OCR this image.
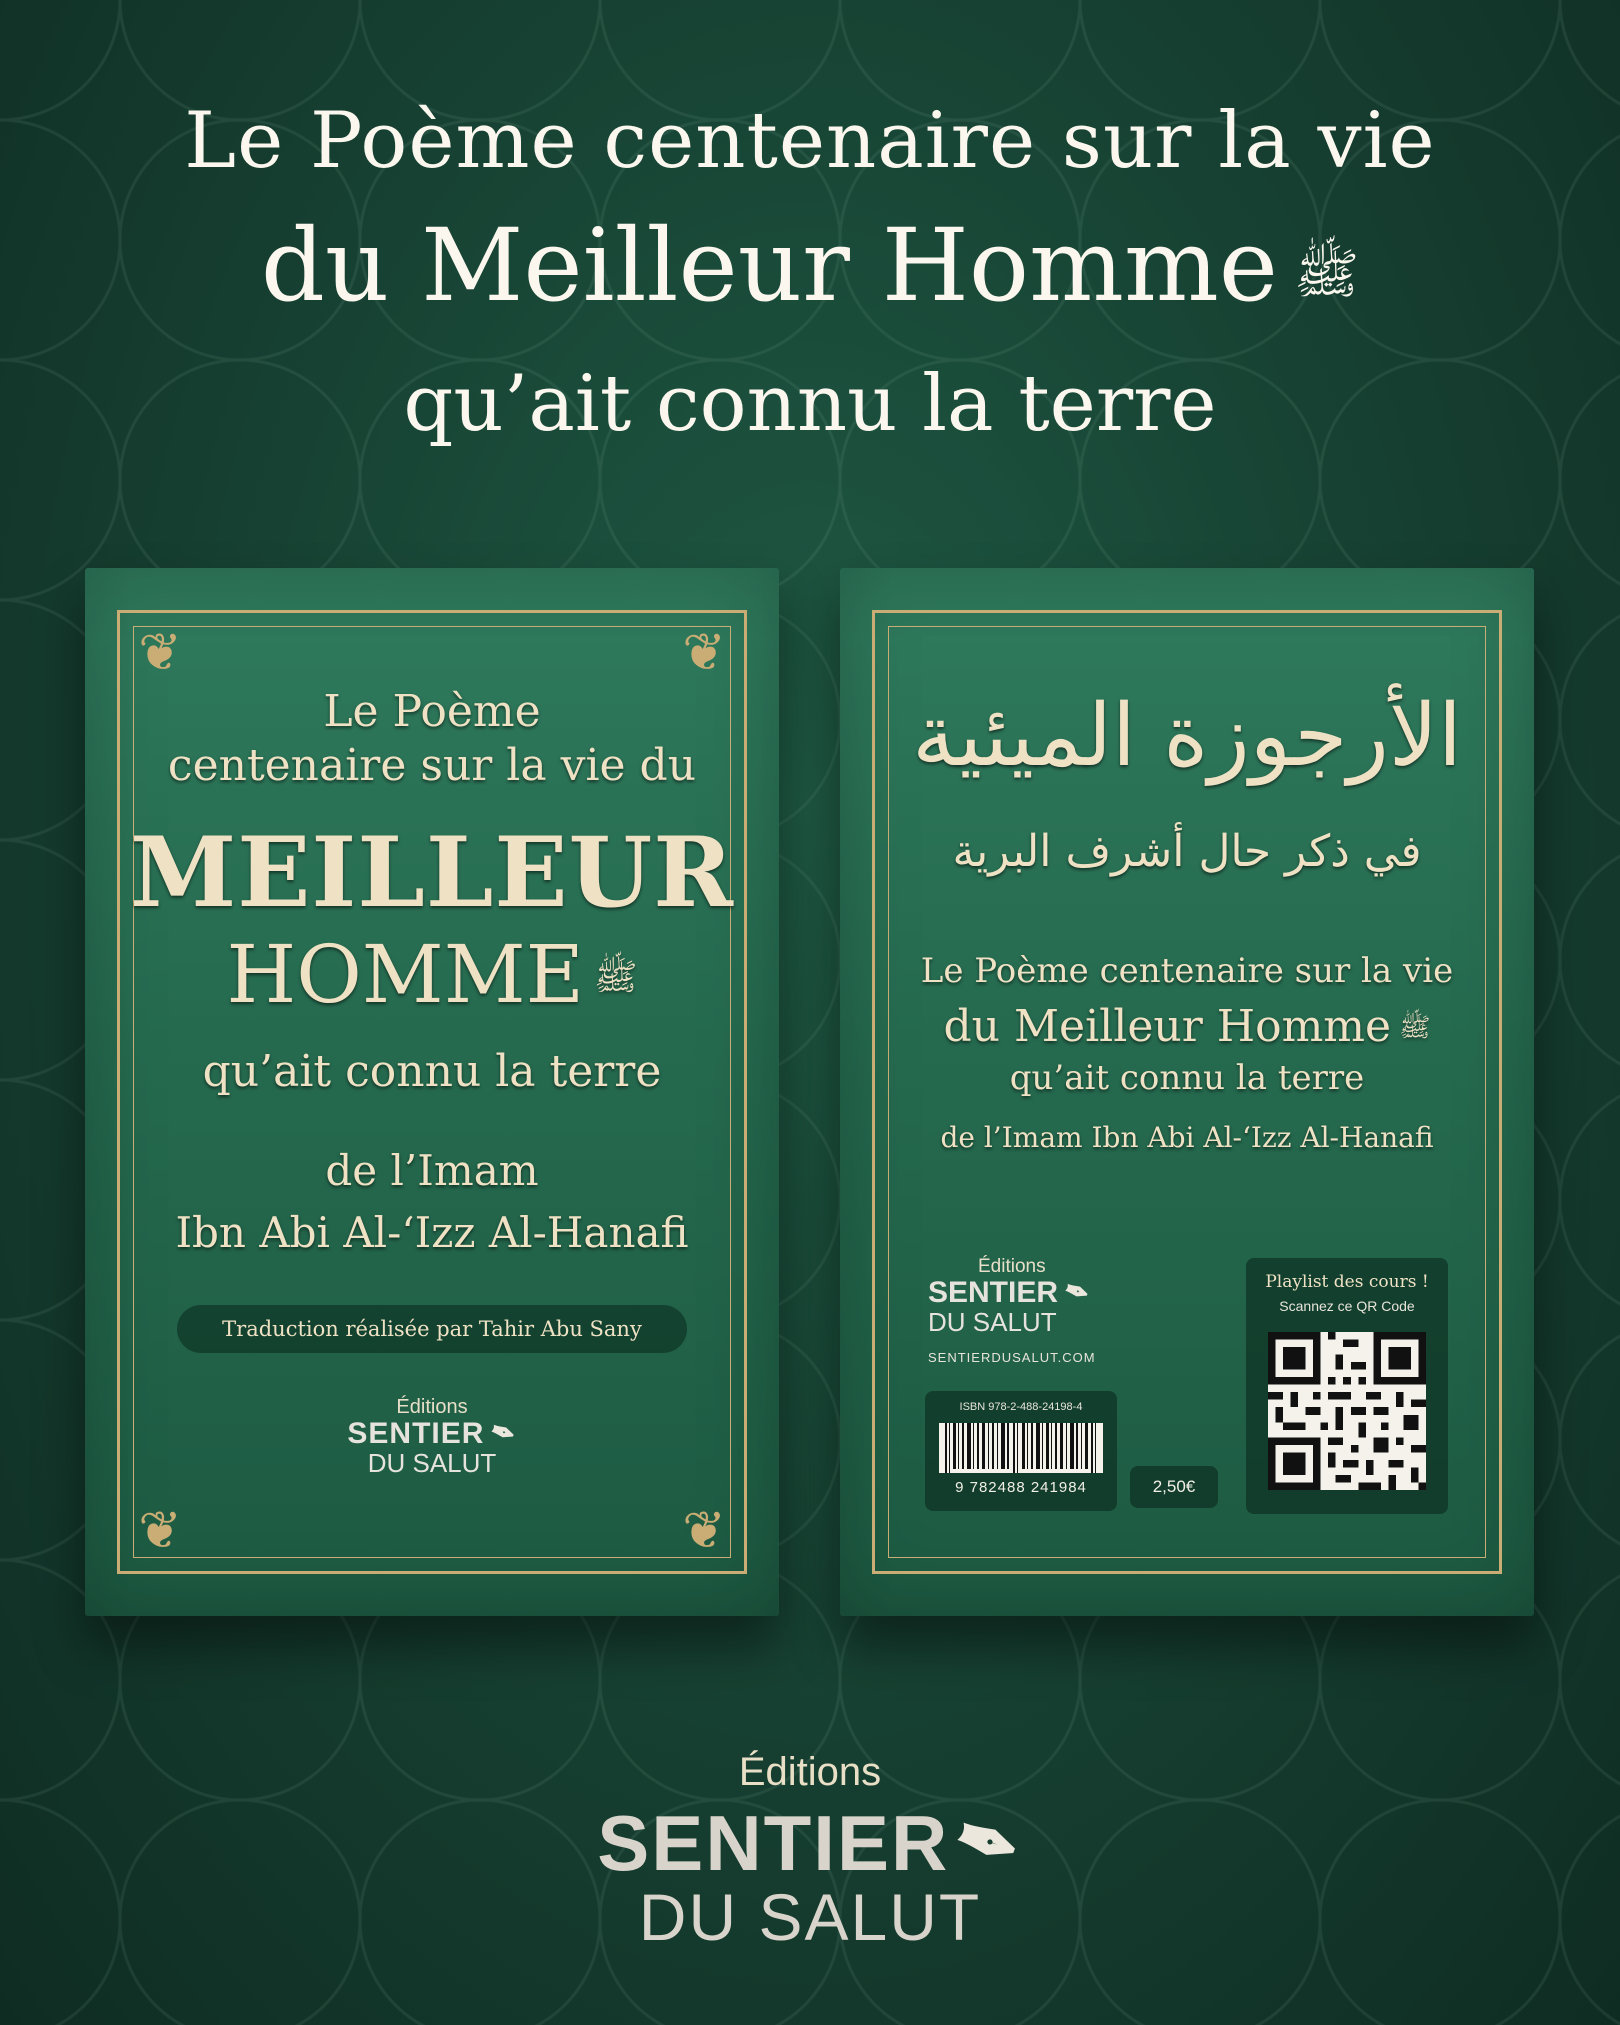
Le Poème centenaire sur la vie
du Meilleur Homme ﷺ
qu’ait connu la terre
❦	❦
❦	❦
Le Poème
centenaire sur la vie du
MEILLEUR
HOMME ﷺ
qu’ait connu la terre
de l’Imam
Ibn Abi Al-‘Izz Al-Hanafi
Traduction réalisée par Tahir Abu Sany
Éditions
SENTIER✒
DU SALUT
الأرجوزة الميئية
في ذكر حال أشرف البرية
Le Poème centenaire sur la vie
du Meilleur Homme ﷺ
qu’ait connu la terre
de l’Imam Ibn Abi Al-‘Izz Al-Hanafi
Éditions
SENTIER✒
DU SALUT
SENTIERDUSALUT.COM
ISBN 978-2-488-24198-4
9 782488 241984	2,50€
Playlist des cours !
Scannez ce QR Code
Éditions
SENTIER✒
DU SALUT
